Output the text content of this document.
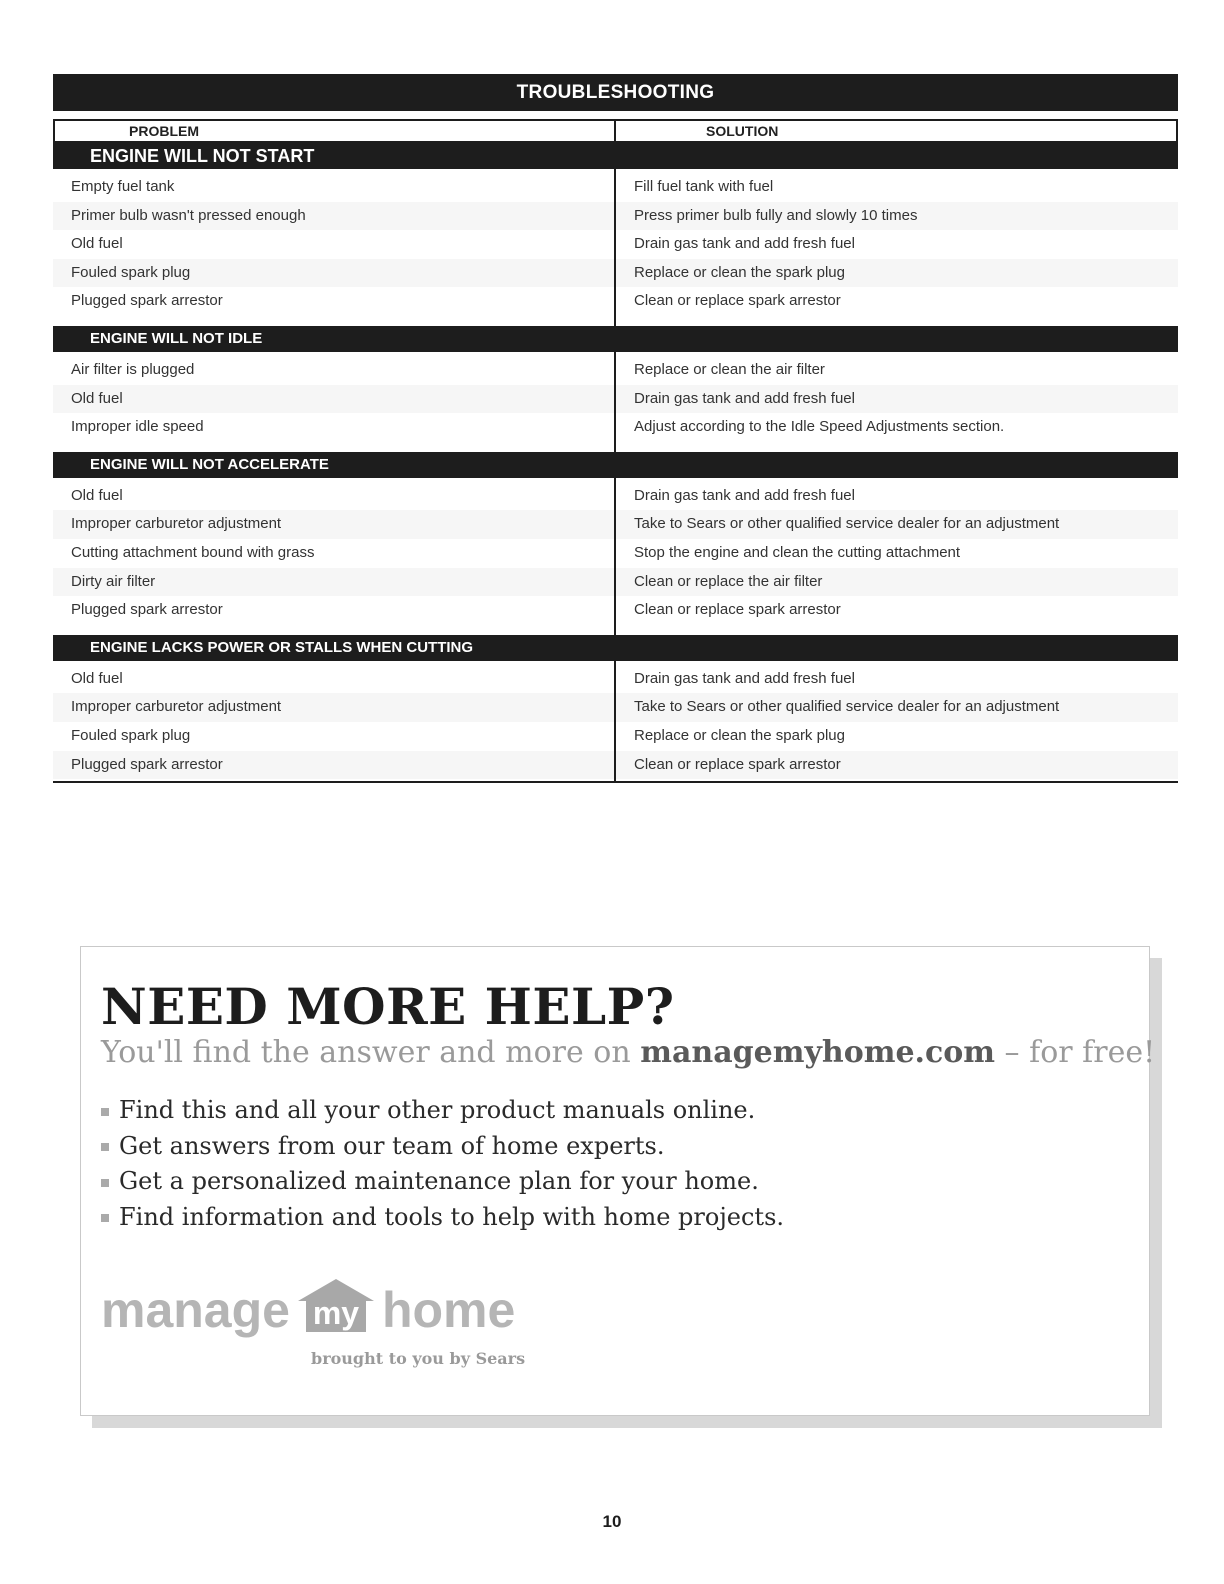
TROUBLESHOOTING
PROBLEM	SOLUTION
ENGINE WILL NOT START
Empty fuel tank	Fill fuel tank with fuel
Primer bulb wasn't pressed enough	Press primer bulb fully and slowly 10 times
Old fuel	Drain gas tank and add fresh fuel
Fouled spark plug	Replace or clean the spark plug
Plugged spark arrestor	Clean or replace spark arrestor
ENGINE WILL NOT IDLE
Air filter is plugged	Replace or clean the air filter
Old fuel	Drain gas tank and add fresh fuel
Improper idle speed	Adjust according to the Idle Speed Adjustments section.
ENGINE WILL NOT ACCELERATE
Old fuel	Drain gas tank and add fresh fuel
Improper carburetor adjustment	Take to Sears or other qualified service dealer for an adjustment
Cutting attachment bound with grass	Stop the engine and clean the cutting attachment
Dirty air filter	Clean or replace the air filter
Plugged spark arrestor	Clean or replace spark arrestor
ENGINE LACKS POWER OR STALLS WHEN CUTTING
Old fuel	Drain gas tank and add fresh fuel
Improper carburetor adjustment	Take to Sears or other qualified service dealer for an adjustment
Fouled spark plug	Replace or clean the spark plug
Plugged spark arrestor	Clean or replace spark arrestor
NEED MORE HELP?
You'll find the answer and more on managemyhome.com – for free!
Find this and all your other product manuals online.
Get answers from our team of home experts.
Get a personalized maintenance plan for your home.
Find information and tools to help with home projects.
manage my home
brought to you by Sears
10
